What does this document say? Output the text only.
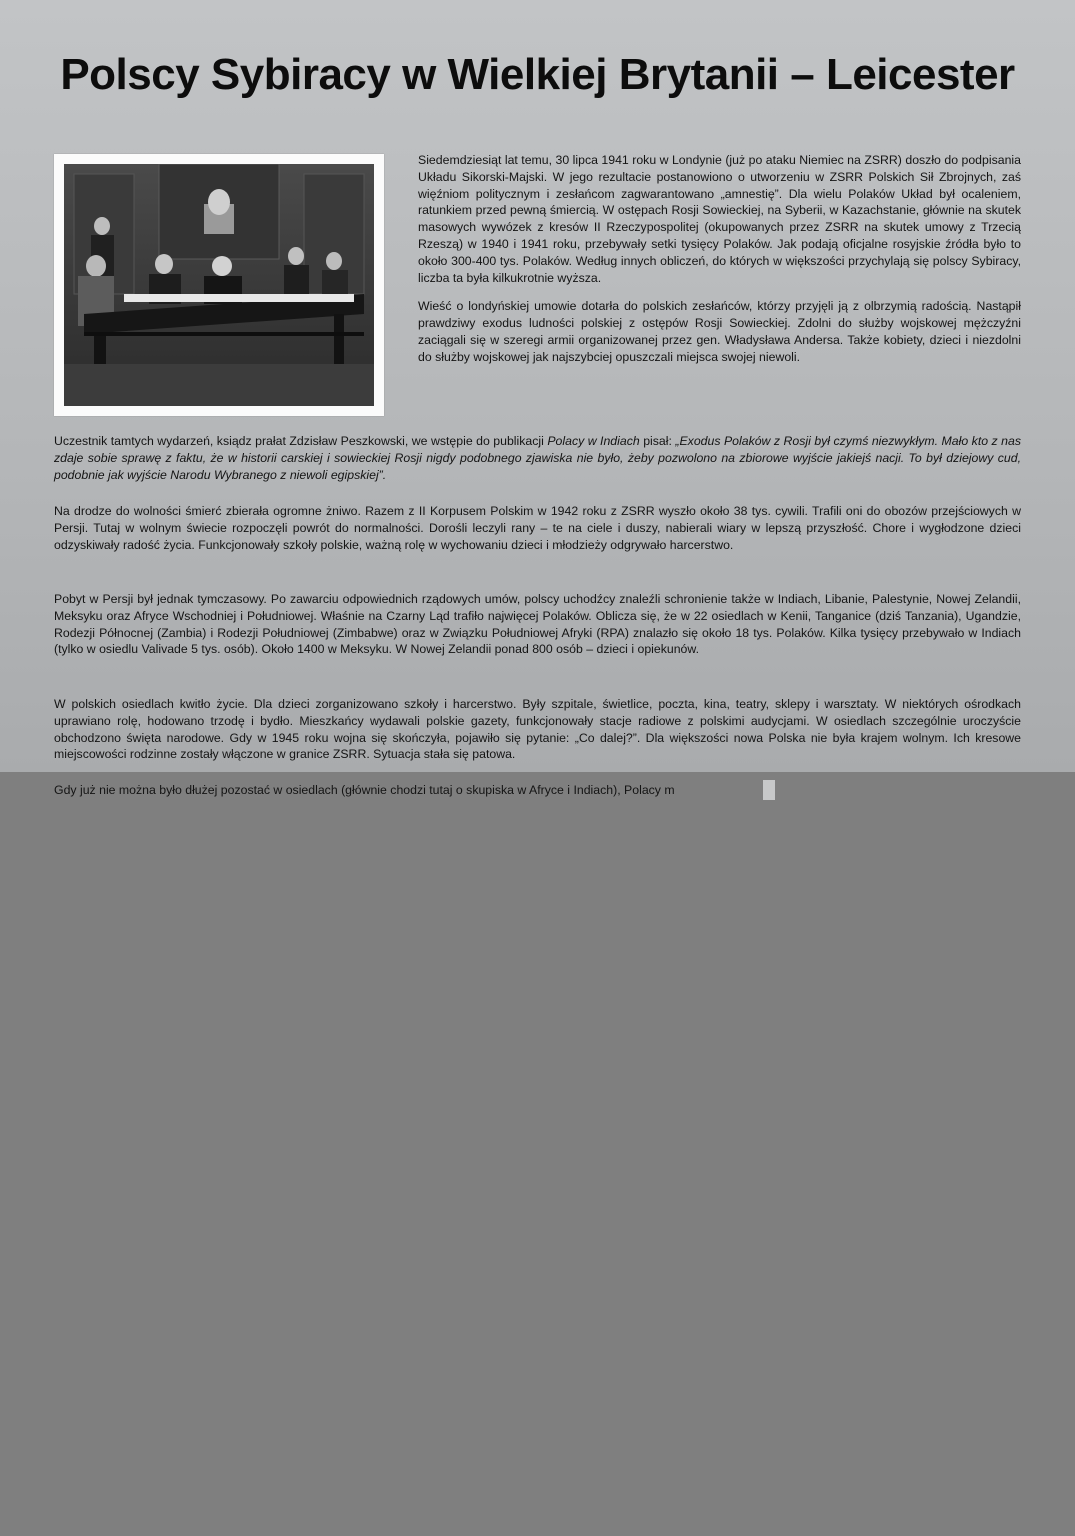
Polscy Sybiracy w Wielkiej Brytanii – Leicester

Siedemdziesiąt lat temu, 30 lipca 1941 roku w Londynie (już po ataku Niemiec na ZSRR) doszło do podpisania Układu Sikorski-Majski. W jego rezultacie postanowiono o utworzeniu w ZSRR Polskich Sił Zbrojnych, zaś więźniom politycznym i zesłańcom zagwarantowano „amnestię”. Dla wielu Polaków Układ był ocaleniem, ratunkiem przed pewną śmiercią. W ostępach Rosji Sowieckiej, na Syberii, w Kazachstanie, głównie na skutek masowych wywózek z kresów II Rzeczypospolitej (okupowanych przez ZSRR na skutek umowy z Trzecią Rzeszą) w 1940 i 1941 roku, przebywały setki tysięcy Polaków. Jak podają oficjalne rosyjskie źródła było to około 300-400 tys. Polaków. Według innych obliczeń, do których w większości przychylają się polscy Sybiracy, liczba ta była kilkukrotnie wyższa.

Wieść o londyńskiej umowie dotarła do polskich zesłańców, którzy przyjęli ją z olbrzymią radością. Nastąpił prawdziwy exodus ludności polskiej z ostępów Rosji Sowieckiej. Zdolni do służby wojskowej mężczyźni zaciągali się w szeregi armii organizowanej przez gen. Władysława Andersa. Także kobiety, dzieci i niezdolni do służby wojskowej jak najszybciej opuszczali miejsca swojej niewoli.

Uczestnik tamtych wydarzeń, ksiądz prałat Zdzisław Peszkowski, we wstępie do publikacji Polacy w Indiach pisał: „Exodus Polaków z Rosji był czymś niezwykłym. Mało kto z nas zdaje sobie sprawę z faktu, że w historii carskiej i sowieckiej Rosji nigdy podobnego zjawiska nie było, żeby pozwolono na zbiorowe wyjście jakiejś nacji. To był dziejowy cud, podobnie jak wyjście Narodu Wybranego z niewoli egipskiej”.

Na drodze do wolności śmierć zbierała ogromne żniwo. Razem z II Korpusem Polskim w 1942 roku z ZSRR wyszło około 38 tys. cywili. Trafili oni do obozów przejściowych w Persji. Tutaj w wolnym świecie rozpoczęli powrót do normalności. Dorośli leczyli rany – te na ciele i duszy, nabierali wiary w lepszą przyszłość. Chore i wygłodzone dzieci odzyskiwały radość życia. Funkcjonowały szkoły polskie, ważną rolę w wychowaniu dzieci i młodzieży odgrywało harcerstwo.

Pobyt w Persji był jednak tymczasowy. Po zawarciu odpowiednich rządowych umów, polscy uchodźcy znaleźli schronienie także w Indiach, Libanie, Palestynie, Nowej Zelandii, Meksyku oraz Afryce Wschodniej i Południowej. Właśnie na Czarny Ląd trafiło najwięcej Polaków. Oblicza się, że w 22 osiedlach w Kenii, Tanganice (dziś Tanzania), Ugandzie, Rodezji Północnej (Zambia) i Rodezji Południowej (Zimbabwe) oraz w Związku Południowej Afryki (RPA) znalazło się około 18 tys. Polaków. Kilka tysięcy przebywało w Indiach (tylko w osiedlu Valivade 5 tys. osób). Około 1400 w Meksyku. W Nowej Zelandii ponad 800 osób – dzieci i opiekunów.

W polskich osiedlach kwitło życie. Dla dzieci zorganizowano szkoły i harcerstwo. Były szpitale, świetlice, poczta, kina, teatry, sklepy i warsztaty. W niektórych ośrodkach uprawiano rolę, hodowano trzodę i bydło. Mieszkańcy wydawali polskie gazety, funkcjonowały stacje radiowe z polskimi audycjami. W osiedlach szczególnie uroczyście obchodzono święta narodowe. Gdy w 1945 roku wojna się skończyła, pojawiło się pytanie: „Co dalej?”. Dla większości nowa Polska nie była krajem wolnym. Ich kresowe miejscowości rodzinne zostały włączone w granice ZSRR. Sytuacja stała się patowa.

Gdy już nie można było dłużej pozostać w osiedlach (głównie chodzi tutaj o skupiska w Afryce i Indiach), Polacy m
